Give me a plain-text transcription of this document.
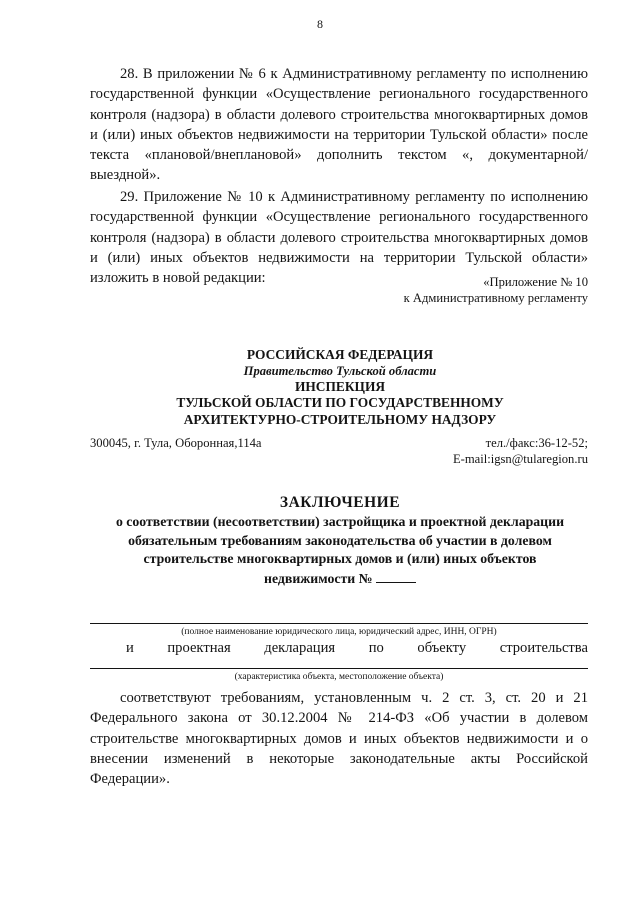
8

28. В приложении № 6 к Административному регламенту по исполнению государственной функции «Осуществление регионального государственного контроля (надзора) в области долевого строительства многоквартирных домов и (или) иных объектов недвижимости на территории Тульской области» после текста «плановой/внеплановой» дополнить текстом «, документарной/выездной».

29. Приложение № 10 к Административному регламенту по исполнению государственной функции «Осуществление регионального государственного контроля (надзора) в области долевого строительства многоквартирных домов и (или) иных объектов недвижимости на территории Тульской области» изложить в новой редакции:	«Приложение № 10
к Административному регламенту
РОССИЙСКАЯ ФЕДЕРАЦИЯ
Правительство Тульской области
ИНСПЕКЦИЯ
ТУЛЬСКОЙ ОБЛАСТИ ПО ГОСУДАРСТВЕННОМУ
АРХИТЕКТУРНО-СТРОИТЕЛЬНОМУ НАДЗОРУ
300045, г. Тула, Оборонная,114а	тел./факс:36-12-52;
E-mail:igsn@tularegion.ru
ЗАКЛЮЧЕНИЕ
о соответствии (несоответствии) застройщика и проектной декларации
обязательным требованиям законодательства об участии в долевом
строительстве многоквартирных домов и (или) иных объектов
недвижимости №
(полное наименование юридического лица, юридический адрес, ИНН, ОГРН)
и проектная декларация по объекту строительства
(характеристика объекта, местоположение объекта)

соответствуют требованиям, установленным ч. 2 ст. 3, ст. 20 и 21 Федерального закона от 30.12.2004 № 214-ФЗ «Об участии в долевом строительстве многоквартирных домов и иных объектов недвижимости и о внесении изменений в некоторые законодательные акты Российской Федерации».
